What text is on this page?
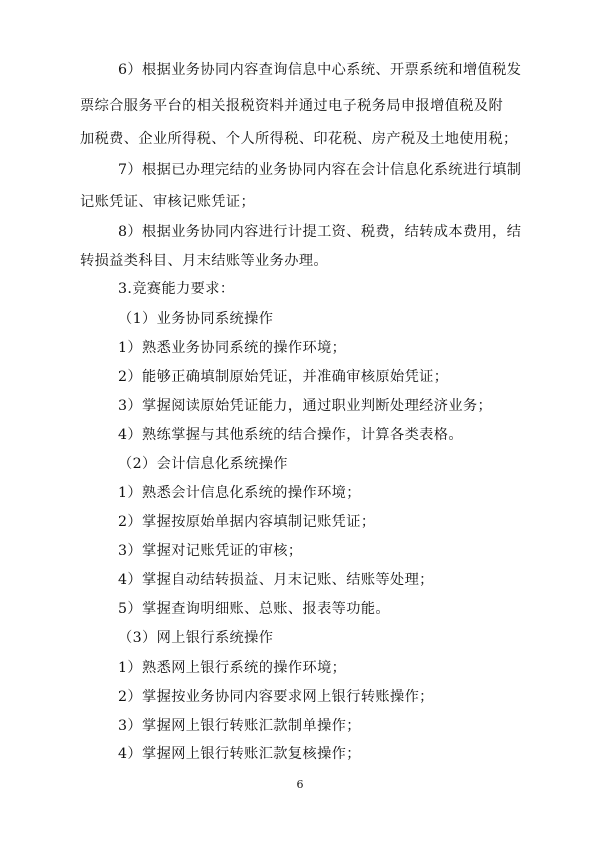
6）根据业务协同内容查询信息中心系统、开票系统和增值税发
票综合服务平台的相关报税资料并通过电子税务局申报增值税及附
加税费、企业所得税、个人所得税、印花税、房产税及土地使用税；
7）根据已办理完结的业务协同内容在会计信息化系统进行填制
记账凭证、审核记账凭证；
8）根据业务协同内容进行计提工资、税费，结转成本费用，结
转损益类科目、月末结账等业务办理。
3.竞赛能力要求：
（1）业务协同系统操作
1）熟悉业务协同系统的操作环境；
2）能够正确填制原始凭证，并准确审核原始凭证；
3）掌握阅读原始凭证能力，通过职业判断处理经济业务；
4）熟练掌握与其他系统的结合操作，计算各类表格。
（2）会计信息化系统操作
1）熟悉会计信息化系统的操作环境；
2）掌握按原始单据内容填制记账凭证；
3）掌握对记账凭证的审核；
4）掌握自动结转损益、月末记账、结账等处理；
5）掌握查询明细账、总账、报表等功能。
（3）网上银行系统操作
1）熟悉网上银行系统的操作环境；
2）掌握按业务协同内容要求网上银行转账操作；
3）掌握网上银行转账汇款制单操作；
4）掌握网上银行转账汇款复核操作；
6
